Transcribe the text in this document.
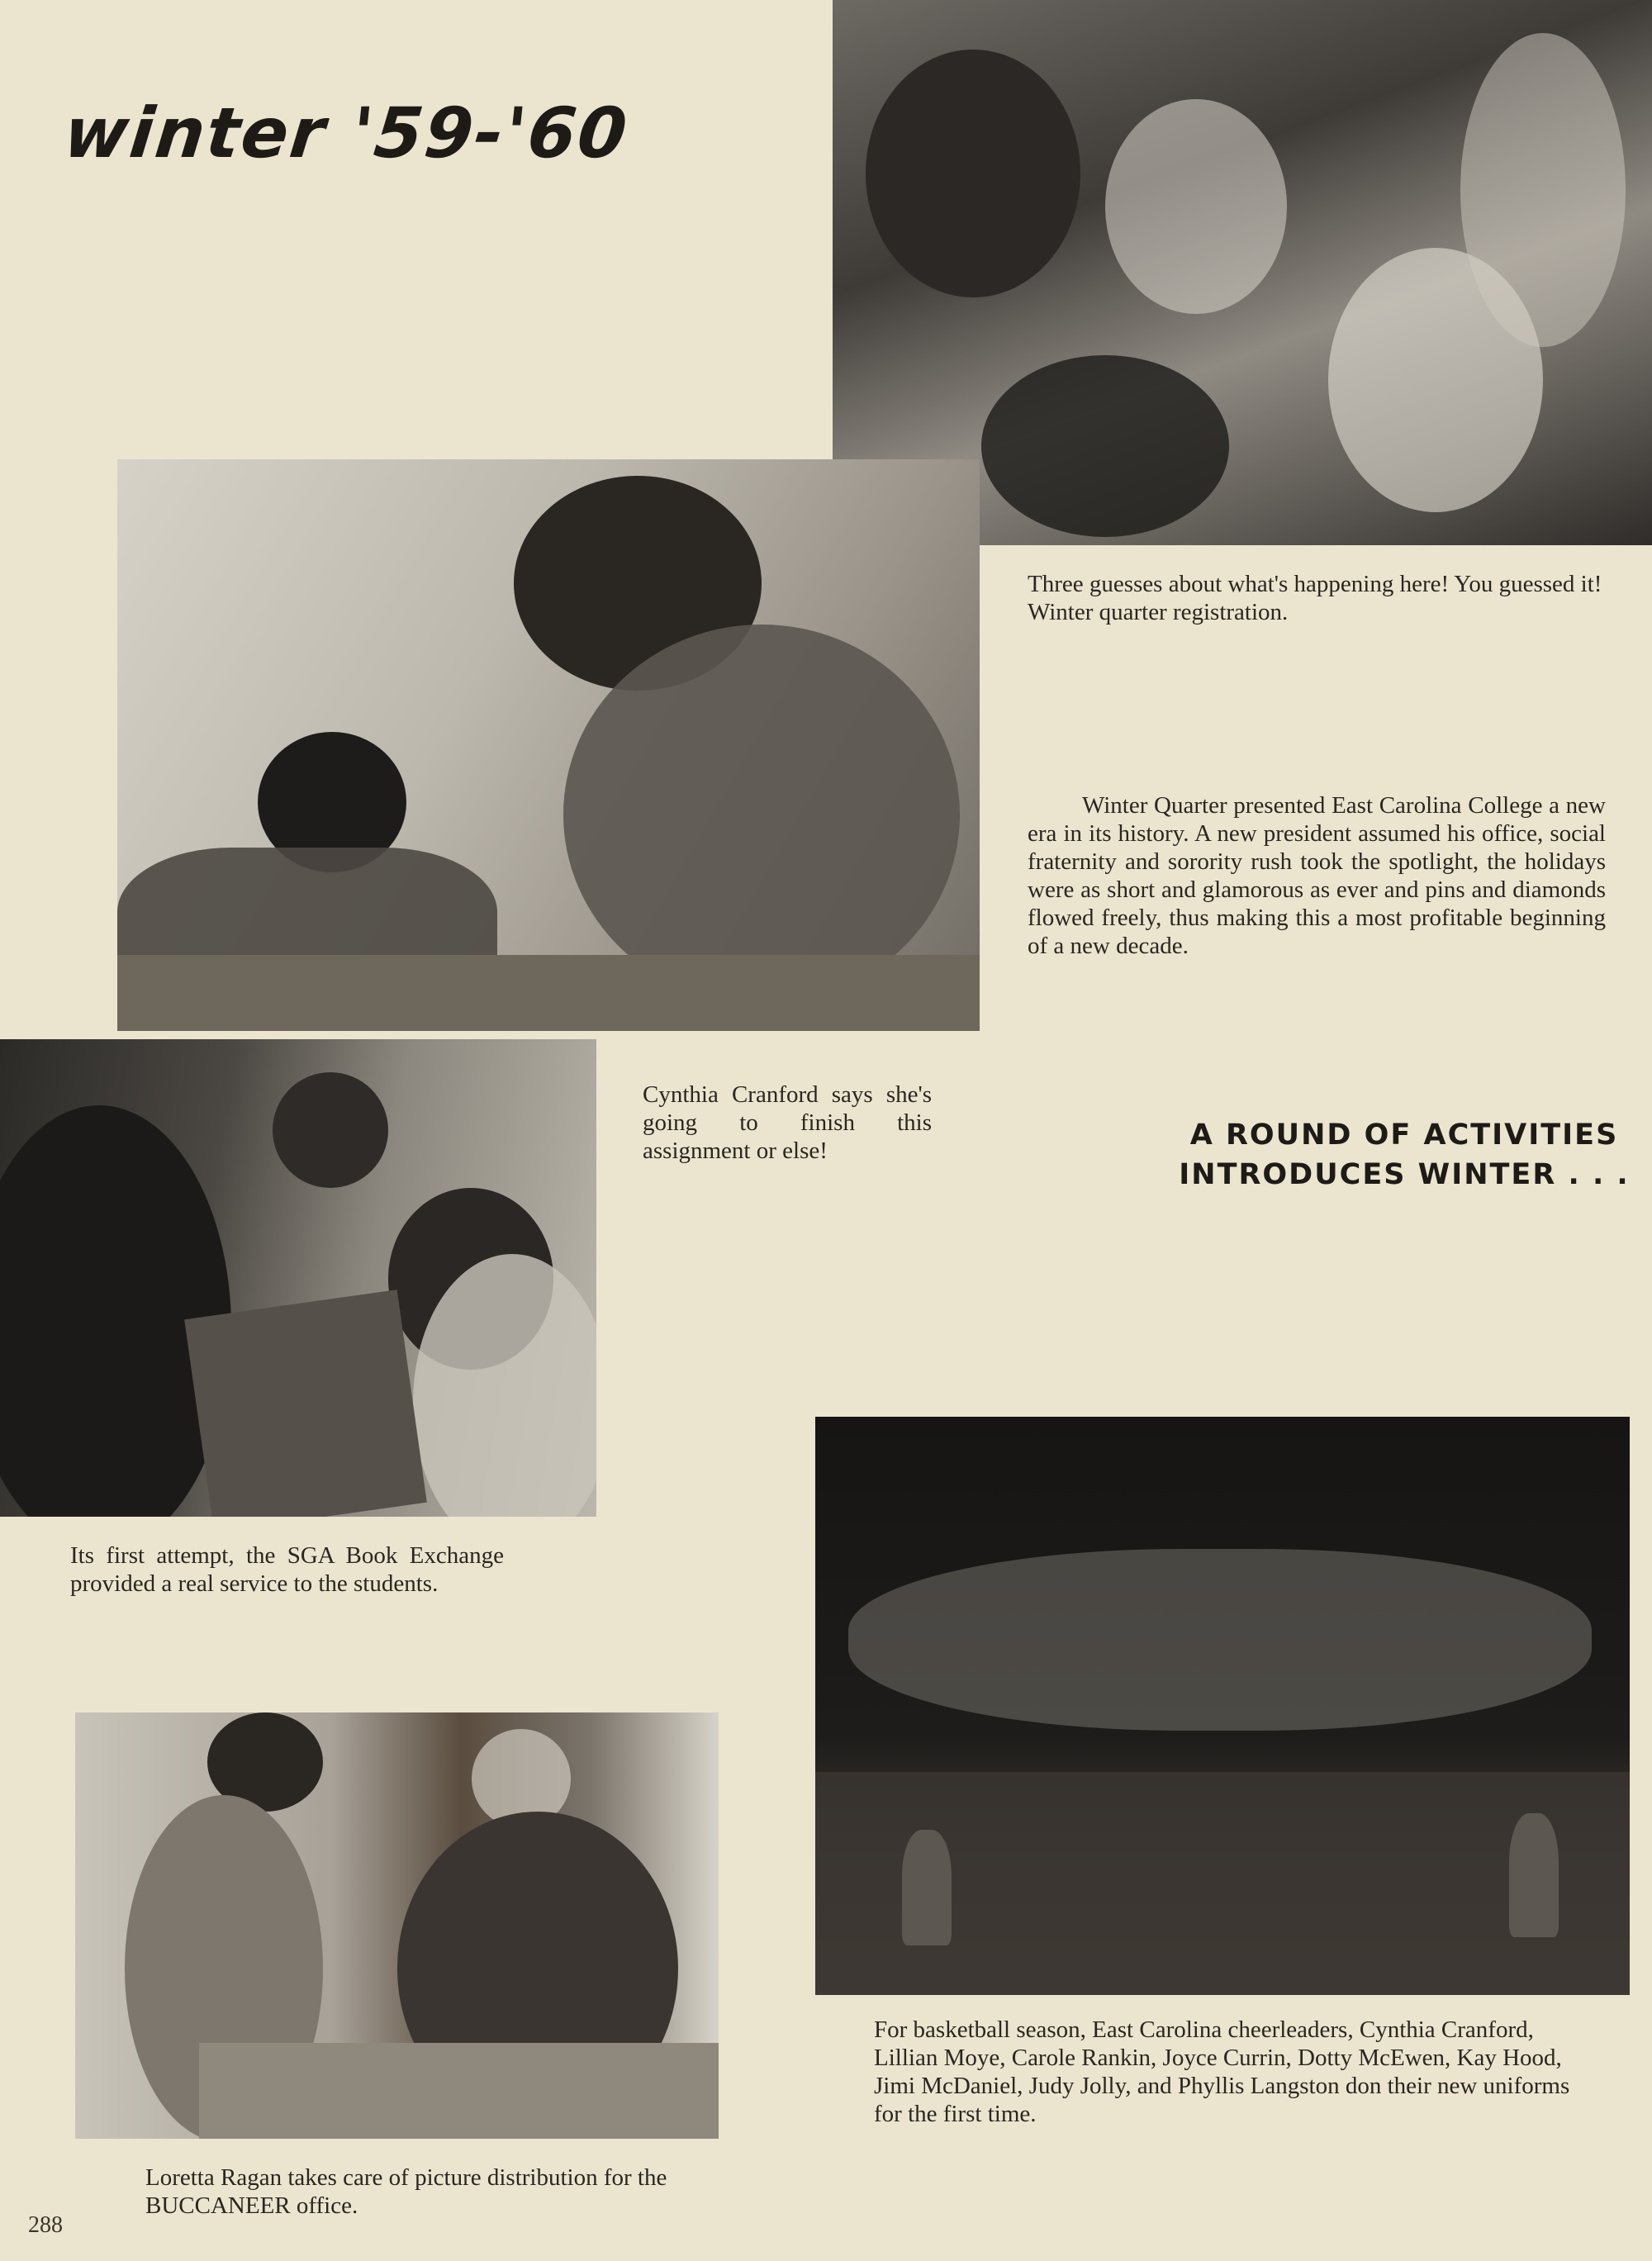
winter '59-'60
Three guesses about what's happening here! You guessed it! Winter quarter registration.
Winter Quarter presented East Carolina College a new era in its history. A new president assumed his office, social fraternity and sorority rush took the spotlight, the holidays were as short and glamorous as ever and pins and diamonds flowed freely, thus making this a most profitable beginning of a new decade.
Cynthia Cranford says she's going to finish this assignment or else!	A ROUND OF ACTIVITIES
INTRODUCES WINTER . . .
Its first attempt, the SGA Book Exchange provided a real service to the students.
For basketball season, East Carolina cheerleaders, Cynthia Cranford, Lillian Moye, Carole Rankin, Joyce Currin, Dotty McEwen, Kay Hood, Jimi McDaniel, Judy Jolly, and Phyllis Langston don their new uniforms for the first time.
Loretta Ragan takes care of picture distribution for the BUCCANEER office.
288
